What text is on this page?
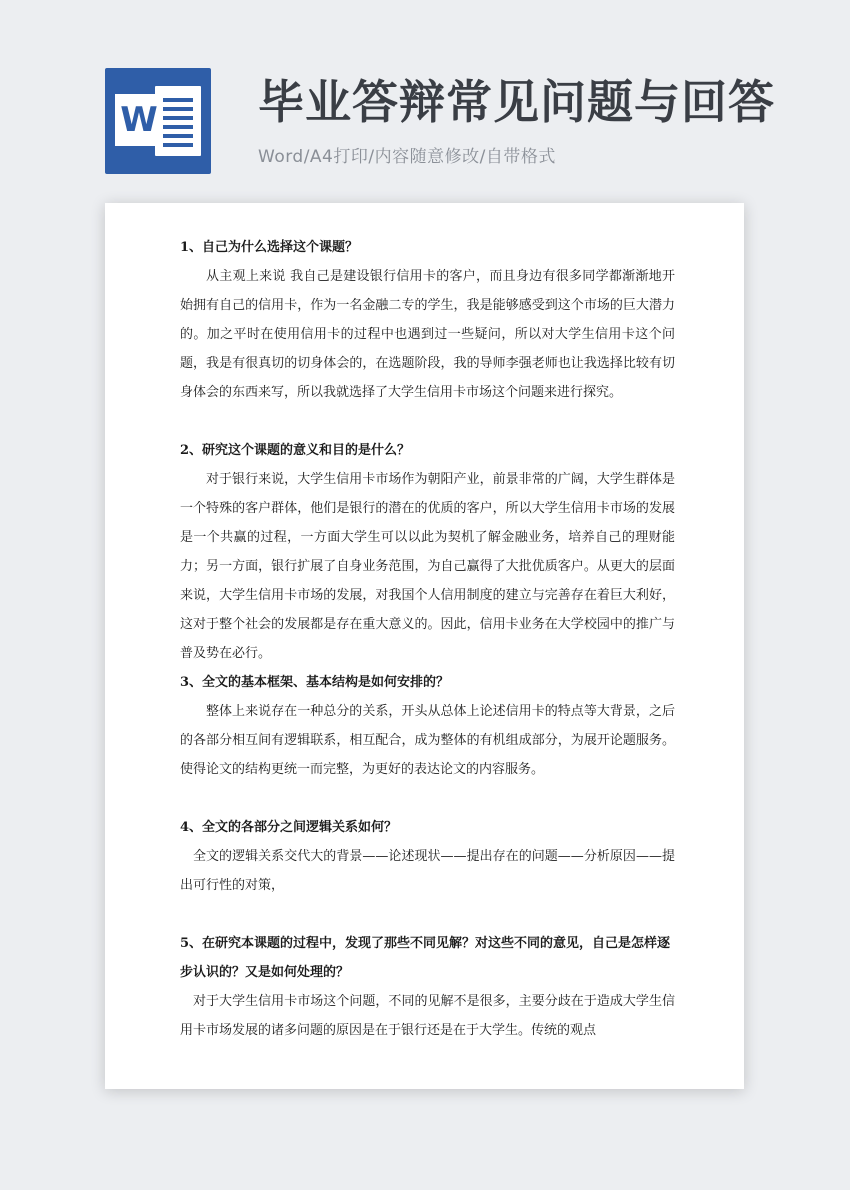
W 毕业答辩常见问题与回答
Word/A4打印/内容随意修改/自带格式

1、自己为什么选择这个课题？

从主观上来说 我自己是建设银行信用卡的客户，而且身边有很多同学都渐渐地开始拥有自己的信用卡，作为一名金融二专的学生，我是能够感受到这个市场的巨大潜力的。加之平时在使用信用卡的过程中也遇到过一些疑问，所以对大学生信用卡这个问题，我是有很真切的切身体会的，在选题阶段，我的导师李强老师也让我选择比较有切身体会的东西来写，所以我就选择了大学生信用卡市场这个问题来进行探究。

2、研究这个课题的意义和目的是什么？

对于银行来说，大学生信用卡市场作为朝阳产业，前景非常的广阔，大学生群体是一个特殊的客户群体，他们是银行的潜在的优质的客户，所以大学生信用卡市场的发展是一个共赢的过程，一方面大学生可以以此为契机了解金融业务，培养自己的理财能力；另一方面，银行扩展了自身业务范围，为自己赢得了大批优质客户。从更大的层面来说，大学生信用卡市场的发展，对我国个人信用制度的建立与完善存在着巨大利好，这对于整个社会的发展都是存在重大意义的。因此，信用卡业务在大学校园中的推广与普及势在必行。

3、全文的基本框架、基本结构是如何安排的？

整体上来说存在一种总分的关系，开头从总体上论述信用卡的特点等大背景，之后的各部分相互间有逻辑联系，相互配合，成为整体的有机组成部分，为展开论题服务。使得论文的结构更统一而完整，为更好的表达论文的内容服务。

4、全文的各部分之间逻辑关系如何？

全文的逻辑关系交代大的背景——论述现状——提出存在的问题——分析原因——提出可行性的对策，

5、在研究本课题的过程中，发现了那些不同见解？对这些不同的意见，自己是怎样逐步认识的？又是如何处理的？

对于大学生信用卡市场这个问题，不同的见解不是很多，主要分歧在于造成大学生信用卡市场发展的诸多问题的原因是在于银行还是在于大学生。传统的观点
